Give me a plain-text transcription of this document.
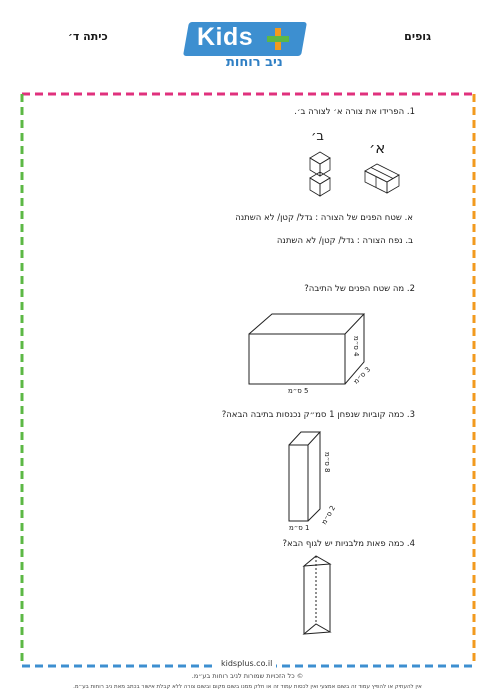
גופים
כיתה ד׳	Kids
ניב רוחות
1. הפרידו את צורה א׳ לצורה ב׳.
ב׳
א׳
א. שטח הפנים של הצורה : גדל/ קטן/ לא השתנה
ב. נפח הצורה : גדל/ קטן/ לא השתנה
2. מה שטח הפנים של התיבה?
5 ס״מ
4 ס״מ
3 ס״מ
3. כמה קוביות שנפחן 1 סמ״ק נכנסות בתיבה הבאה?
8 ס״מ
1 ס״מ
2 ס״מ
4. כמה פאות מלבניות יש לגוף הבא?
kidsplus.co.il
© כל הזכויות שמורות לניב רוחות בע״מ.
אין להעתיק או להפיץ עמוד זה בשום אמצעי ואין לכסות עמוד זה או חלק ממנו בשום מקום ובשום צורה ללא קבלת אישור בכתב מאת ניב רוחות בע״מ.
